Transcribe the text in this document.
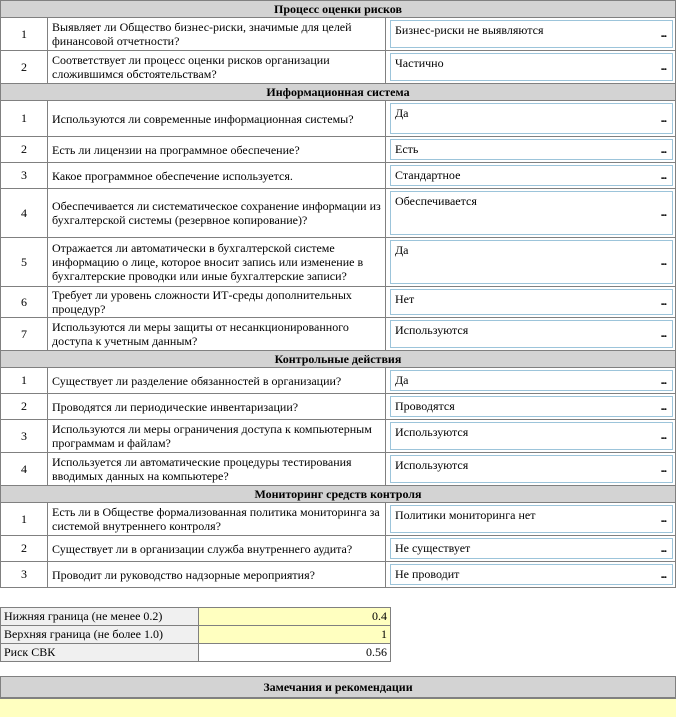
Процесс оценки рисков		
1	Выявляет ли Общество бизнес-риски, значимые для целей финансовой отчетности?	Бизнес-риски не выявляются ...

2	Соответствует ли процесс оценки рисков организации сложившимся обстоятельствам?	Частично ...

Информационная система		
1	Используются ли современные информационная системы?	Да ...

2	Есть ли лицензии на программное обеспечение?	Есть ...

3	Какое программное обеспечение используется.	Стандартное ...

4	Обеспечивается ли систематическое сохранение информации из бухгалтерской системы (резервное копирование)?	Обеспечивается
...

5	Отражается ли автоматически в бухгалтерской системе информацию о лице, которое вносит запись или изменение в бухгалтерские проводки или иные бухгалтерские записи?	Да
...

6	Требует ли уровень сложности ИТ-среды дополнительных процедур?	Нет ...

7	Используются ли меры защиты от несанкционированного доступа к учетным данным?	Используются ...

Контрольные действия		
1	Существует ли разделение обязанностей в организации?	Да ...

2	Проводятся ли периодические инвентаризации?	Проводятся ...

3	Используются ли меры ограничения доступа к компьютерным программам и файлам?	Используются ...

4	Используется ли автоматические процедуры тестирования вводимых данных на компьютере?	Используются ...

Мониторинг средств контроля		
1	Есть ли в Обществе формализованная политика мониторинга за системой внутреннего контроля?	Политики мониторинга нет ...

2	Существует ли в организации служба внутреннего аудита?	Не существует ...

3	Проводит ли руководство надзорные мероприятия?	Не проводит ...
Нижняя граница (не менее 0.2)	0.4
Верхняя граница (не более 1.0)	1
Риск СВК	0.56
Замечания и рекомендации
